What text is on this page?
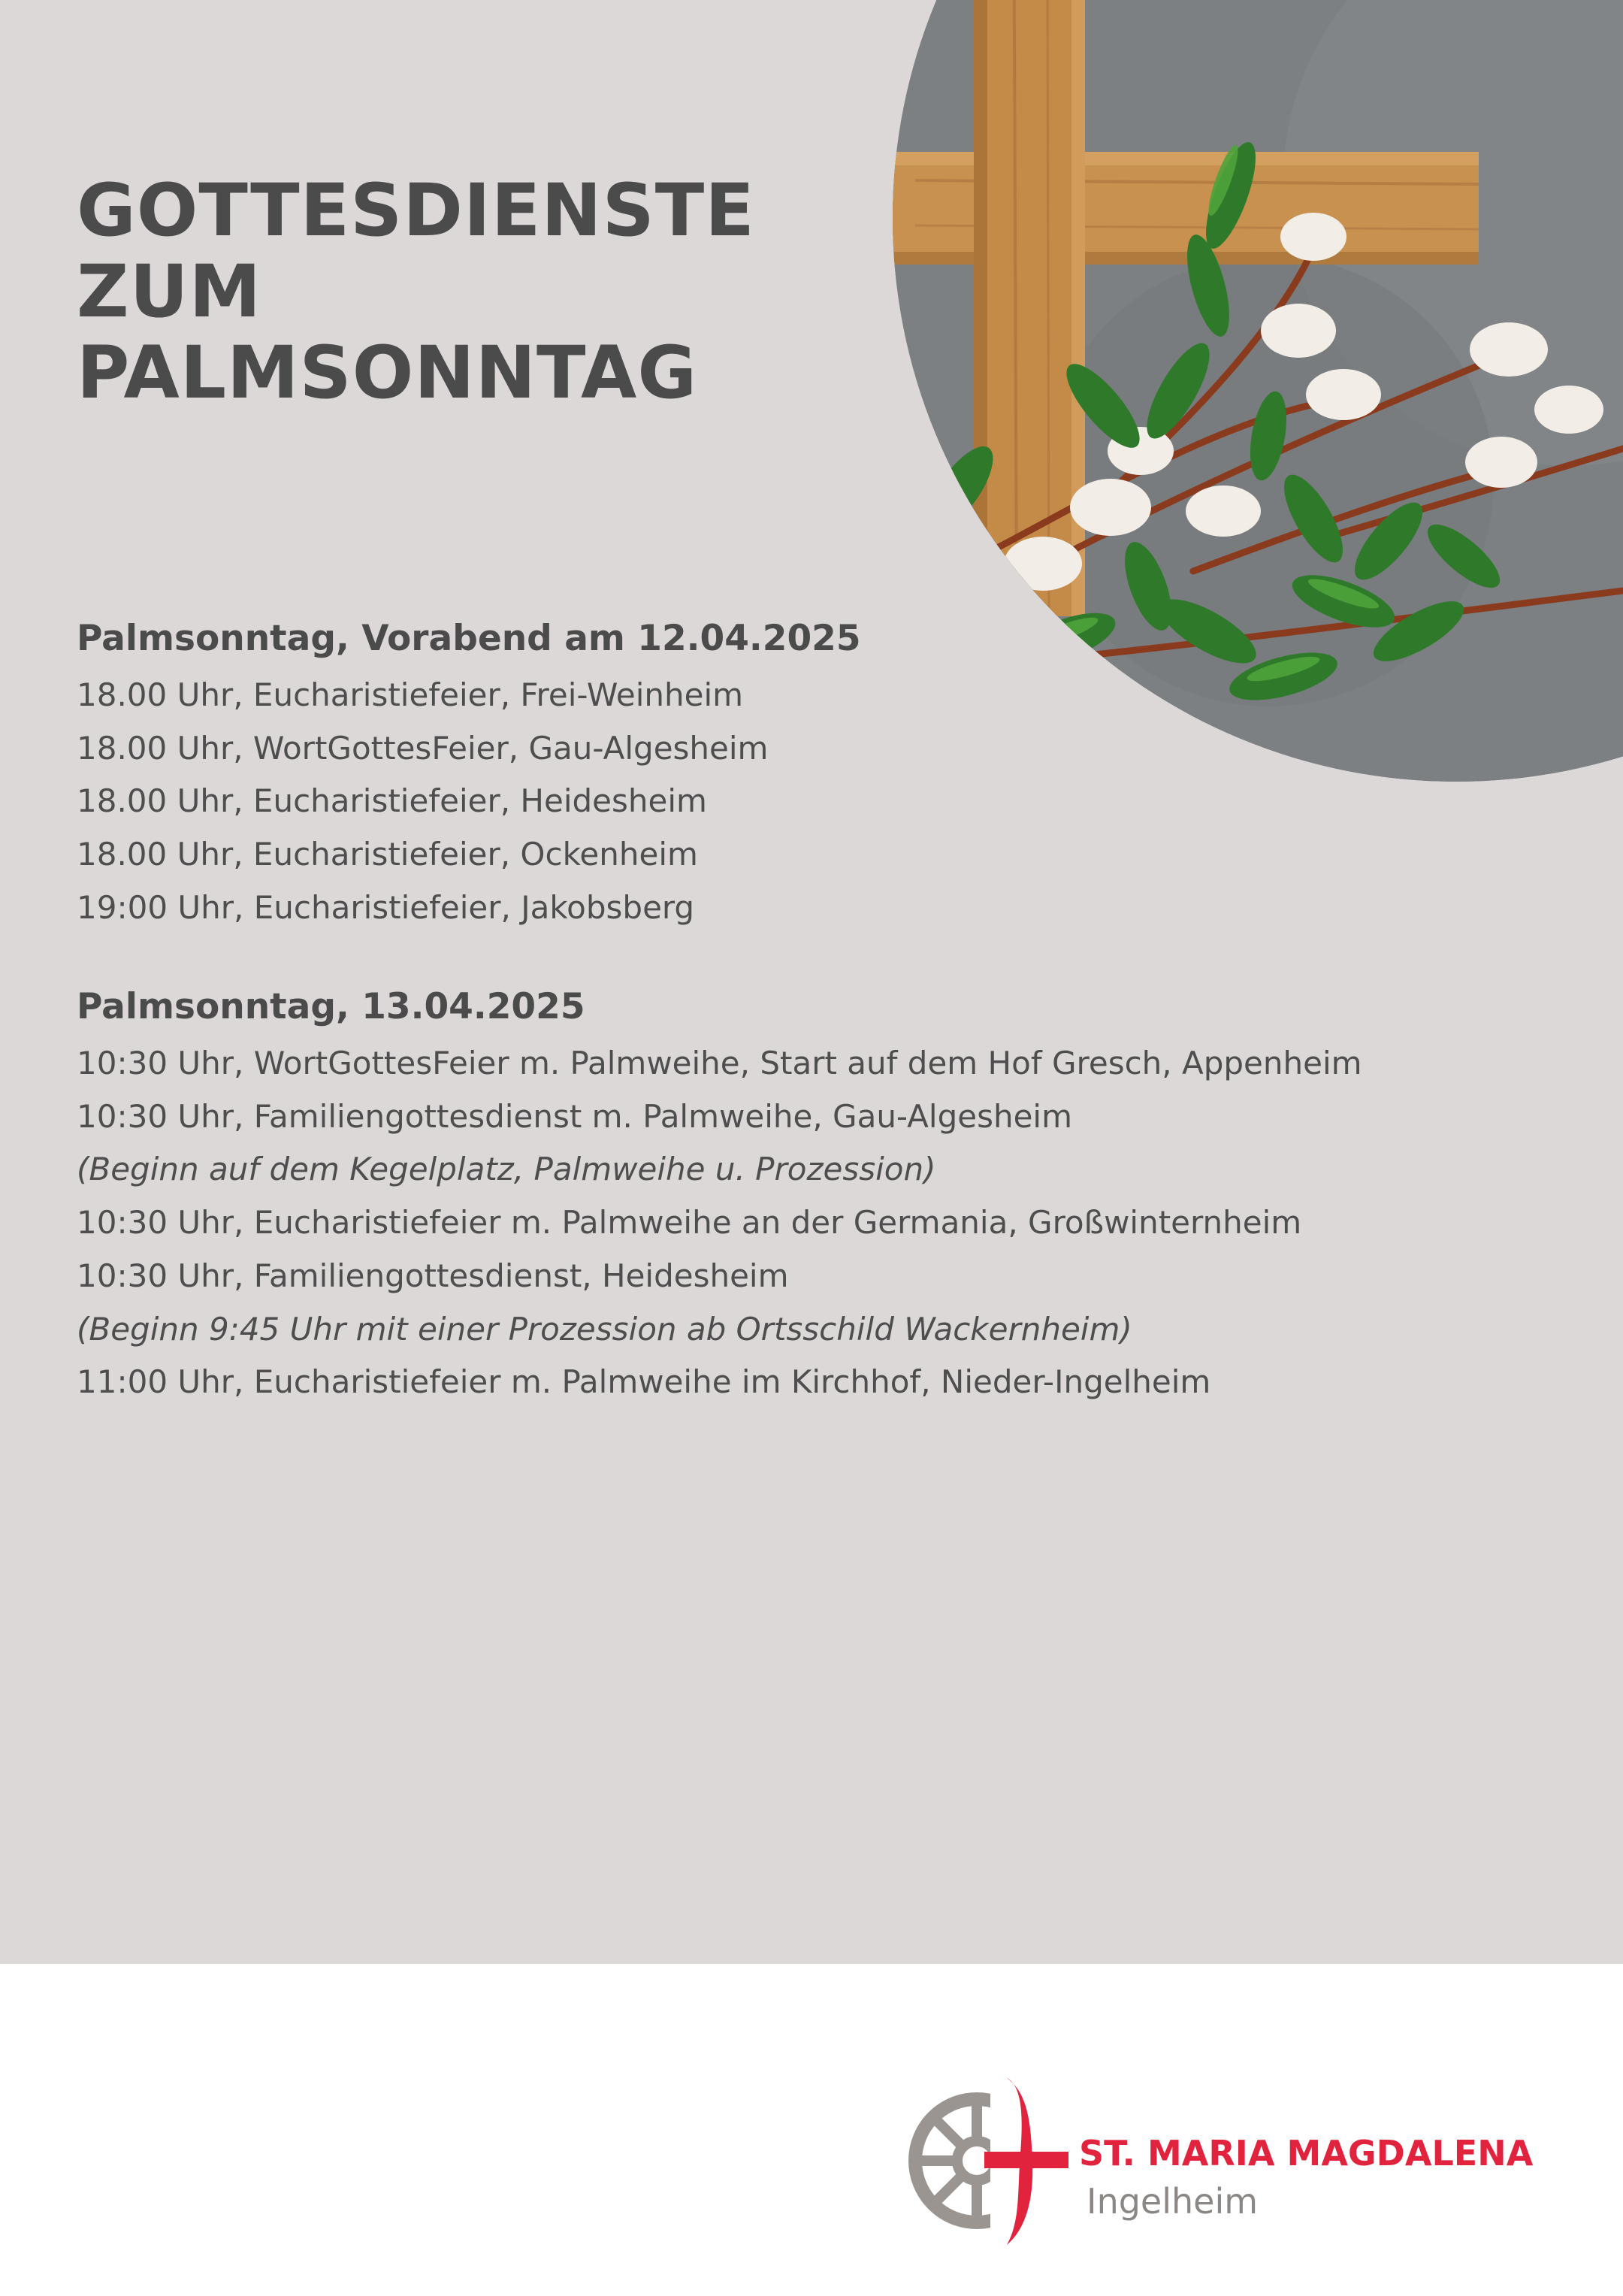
GOTTESDIENSTE
ZUM
PALMSONNTAG
Palmsonntag, Vorabend am 12.04.2025
18.00 Uhr, Eucharistiefeier, Frei-Weinheim
18.00 Uhr, WortGottesFeier, Gau-Algesheim
18.00 Uhr, Eucharistiefeier, Heidesheim
18.00 Uhr, Eucharistiefeier, Ockenheim
19:00 Uhr, Eucharistiefeier, Jakobsberg
Palmsonntag, 13.04.2025
10:30 Uhr, WortGottesFeier m. Palmweihe, Start auf dem Hof Gresch, Appenheim
10:30 Uhr, Familiengottesdienst m. Palmweihe, Gau-Algesheim
(Beginn auf dem Kegelplatz, Palmweihe u. Prozession)
10:30 Uhr, Eucharistiefeier m. Palmweihe an der Germania, Großwinternheim
10:30 Uhr, Familiengottesdienst, Heidesheim
(Beginn 9:45 Uhr mit einer Prozession ab Ortsschild Wackernheim)
11:00 Uhr, Eucharistiefeier m. Palmweihe im Kirchhof, Nieder-Ingelheim
ST. MARIA MAGDALENA
Ingelheim
